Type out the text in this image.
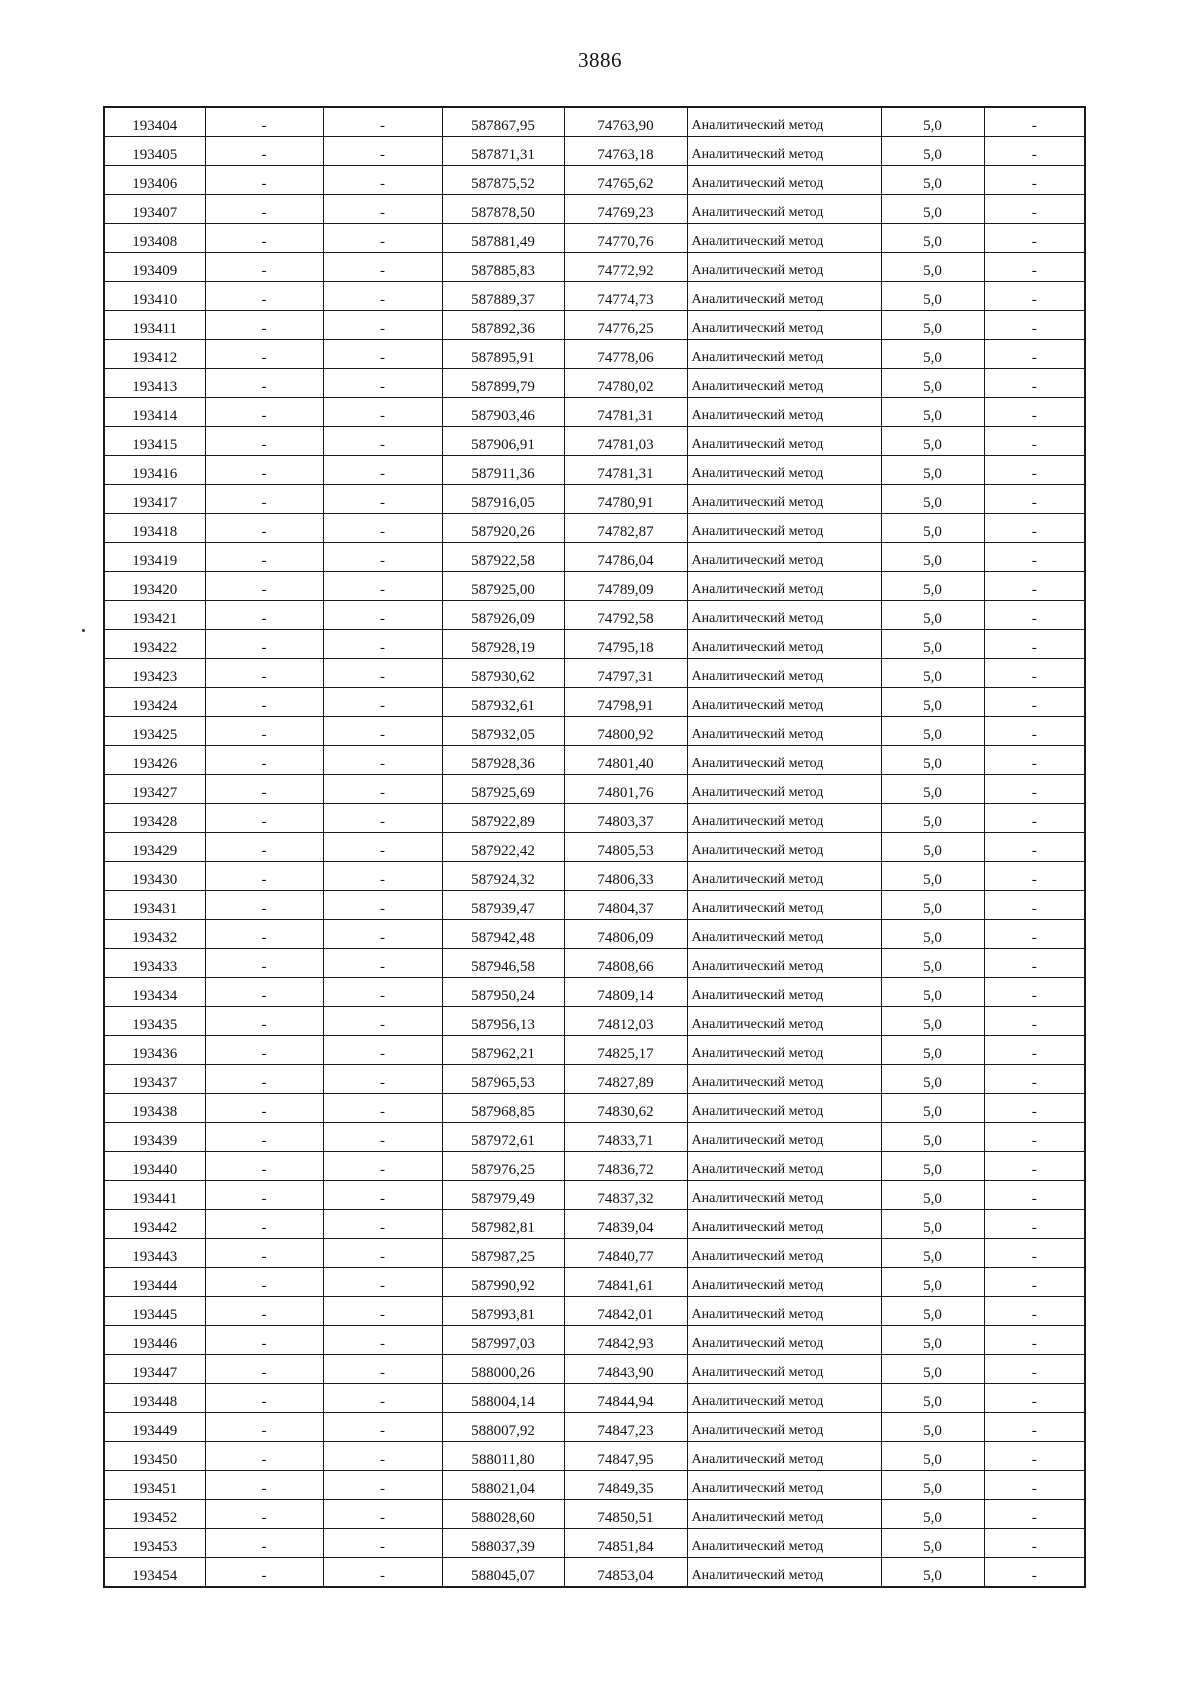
3886
193404	-	-	587867,95	74763,90	Аналитический метод	5,0	-
193405	-	-	587871,31	74763,18	Аналитический метод	5,0	-
193406	-	-	587875,52	74765,62	Аналитический метод	5,0	-
193407	-	-	587878,50	74769,23	Аналитический метод	5,0	-
193408	-	-	587881,49	74770,76	Аналитический метод	5,0	-
193409	-	-	587885,83	74772,92	Аналитический метод	5,0	-
193410	-	-	587889,37	74774,73	Аналитический метод	5,0	-
193411	-	-	587892,36	74776,25	Аналитический метод	5,0	-
193412	-	-	587895,91	74778,06	Аналитический метод	5,0	-
193413	-	-	587899,79	74780,02	Аналитический метод	5,0	-
193414	-	-	587903,46	74781,31	Аналитический метод	5,0	-
193415	-	-	587906,91	74781,03	Аналитический метод	5,0	-
193416	-	-	587911,36	74781,31	Аналитический метод	5,0	-
193417	-	-	587916,05	74780,91	Аналитический метод	5,0	-
193418	-	-	587920,26	74782,87	Аналитический метод	5,0	-
193419	-	-	587922,58	74786,04	Аналитический метод	5,0	-
193420	-	-	587925,00	74789,09	Аналитический метод	5,0	-
193421	-	-	587926,09	74792,58	Аналитический метод	5,0	-
193422	-	-	587928,19	74795,18	Аналитический метод	5,0	-
193423	-	-	587930,62	74797,31	Аналитический метод	5,0	-
193424	-	-	587932,61	74798,91	Аналитический метод	5,0	-
193425	-	-	587932,05	74800,92	Аналитический метод	5,0	-
193426	-	-	587928,36	74801,40	Аналитический метод	5,0	-
193427	-	-	587925,69	74801,76	Аналитический метод	5,0	-
193428	-	-	587922,89	74803,37	Аналитический метод	5,0	-
193429	-	-	587922,42	74805,53	Аналитический метод	5,0	-
193430	-	-	587924,32	74806,33	Аналитический метод	5,0	-
193431	-	-	587939,47	74804,37	Аналитический метод	5,0	-
193432	-	-	587942,48	74806,09	Аналитический метод	5,0	-
193433	-	-	587946,58	74808,66	Аналитический метод	5,0	-
193434	-	-	587950,24	74809,14	Аналитический метод	5,0	-
193435	-	-	587956,13	74812,03	Аналитический метод	5,0	-
193436	-	-	587962,21	74825,17	Аналитический метод	5,0	-
193437	-	-	587965,53	74827,89	Аналитический метод	5,0	-
193438	-	-	587968,85	74830,62	Аналитический метод	5,0	-
193439	-	-	587972,61	74833,71	Аналитический метод	5,0	-
193440	-	-	587976,25	74836,72	Аналитический метод	5,0	-
193441	-	-	587979,49	74837,32	Аналитический метод	5,0	-
193442	-	-	587982,81	74839,04	Аналитический метод	5,0	-
193443	-	-	587987,25	74840,77	Аналитический метод	5,0	-
193444	-	-	587990,92	74841,61	Аналитический метод	5,0	-
193445	-	-	587993,81	74842,01	Аналитический метод	5,0	-
193446	-	-	587997,03	74842,93	Аналитический метод	5,0	-
193447	-	-	588000,26	74843,90	Аналитический метод	5,0	-
193448	-	-	588004,14	74844,94	Аналитический метод	5,0	-
193449	-	-	588007,92	74847,23	Аналитический метод	5,0	-
193450	-	-	588011,80	74847,95	Аналитический метод	5,0	-
193451	-	-	588021,04	74849,35	Аналитический метод	5,0	-
193452	-	-	588028,60	74850,51	Аналитический метод	5,0	-
193453	-	-	588037,39	74851,84	Аналитический метод	5,0	-
193454	-	-	588045,07	74853,04	Аналитический метод	5,0	-
